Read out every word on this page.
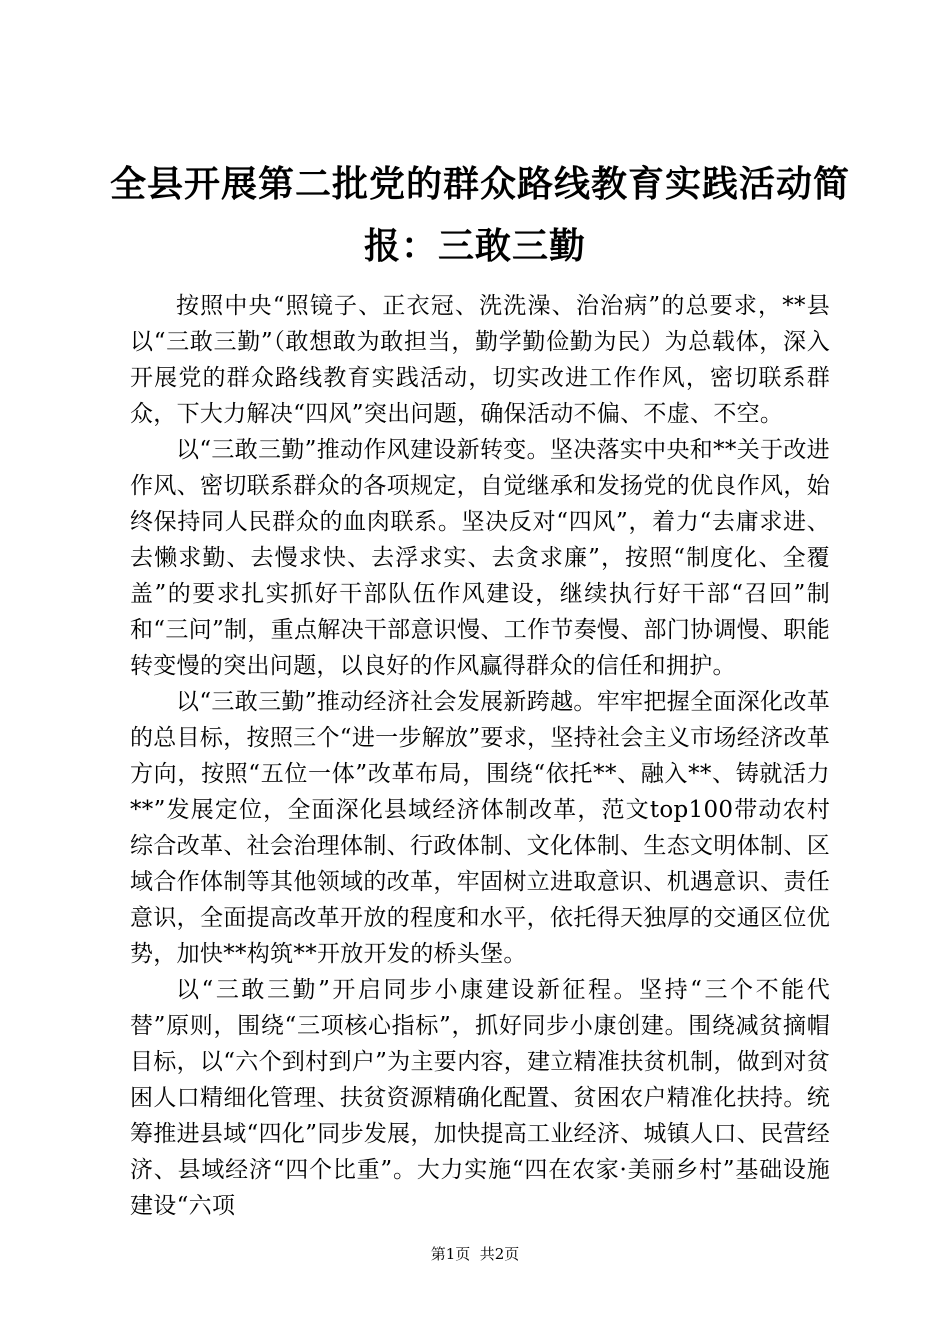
全县开展第二批党的群众路线教育实践活动简
报：三敢三勤

按照中央“照镜子、正衣冠、洗洗澡、治治病”的总要求，**县以“三敢三勤”（敢想敢为敢担当，勤学勤俭勤为民）为总载体，深入开展党的群众路线教育实践活动，切实改进工作作风，密切联系群众，下大力解决“四风”突出问题，确保活动不偏、不虚、不空。

以“三敢三勤”推动作风建设新转变。坚决落实中央和**关于改进作风、密切联系群众的各项规定，自觉继承和发扬党的优良作风，始终保持同人民群众的血肉联系。坚决反对“四风”，着力“去庸求进、去懒求勤、去慢求快、去浮求实、去贪求廉”，按照“制度化、全覆盖”的要求扎实抓好干部队伍作风建设，继续执行好干部“召回”制和“三问”制，重点解决干部意识慢、工作节奏慢、部门协调慢、职能转变慢的突出问题，以良好的作风赢得群众的信任和拥护。

以“三敢三勤”推动经济社会发展新跨越。牢牢把握全面深化改革的总目标，按照三个“进一步解放”要求，坚持社会主义市场经济改革方向，按照“五位一体”改革布局，围绕“依托**、融入**、铸就活力**”发展定位，全面深化县域经济体制改革，范文top100带动农村综合改革、社会治理体制、行政体制、文化体制、生态文明体制、区域合作体制等其他领域的改革，牢固树立进取意识、机遇意识、责任意识，全面提高改革开放的程度和水平，依托得天独厚的交通区位优势，加快**构筑**开放开发的桥头堡。

以“三敢三勤”开启同步小康建设新征程。坚持“三个不能代替”原则，围绕“三项核心指标”，抓好同步小康创建。围绕减贫摘帽目标，以“六个到村到户”为主要内容，建立精准扶贫机制，做到对贫困人口精细化管理、扶贫资源精确化配置、贫困农户精准化扶持。统筹推进县域“四化”同步发展，加快提高工业经济、城镇人口、民营经济、县域经济“四个比重”。大力实施“四在农家·美丽乡村”基础设施建设“六项

第1页  共2页
